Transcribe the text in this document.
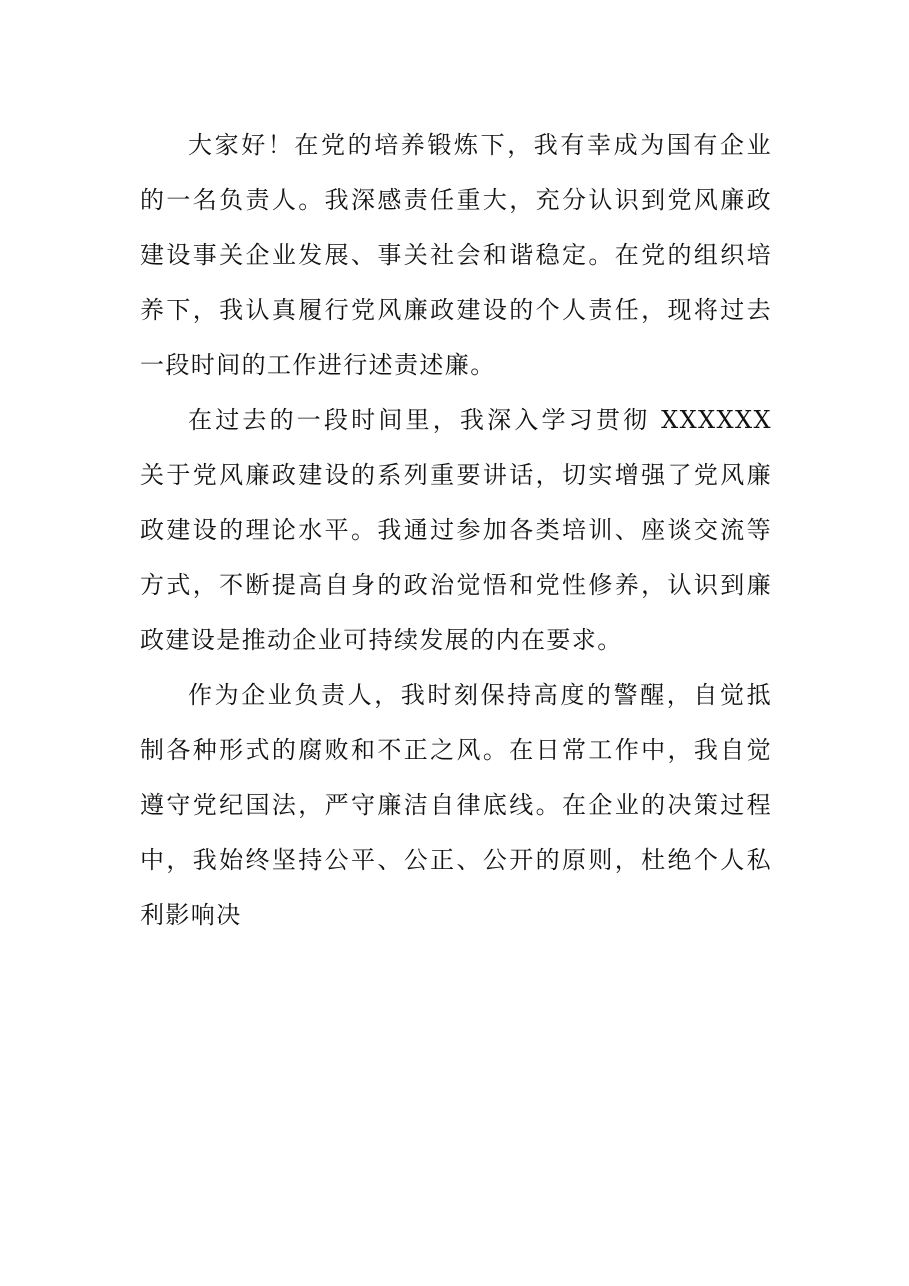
大家好！在党的培养锻炼下，我有幸成为国有企业的一名负责人。我深感责任重大，充分认识到党风廉政建设事关企业发展、事关社会和谐稳定。在党的组织培养下，我认真履行党风廉政建设的个人责任，现将过去一段时间的工作进行述责述廉。

在过去的一段时间里，我深入学习贯彻 XXXXXX 关于党风廉政建设的系列重要讲话，切实增强了党风廉政建设的理论水平。我通过参加各类培训、座谈交流等方式，不断提高自身的政治觉悟和党性修养，认识到廉政建设是推动企业可持续发展的内在要求。

作为企业负责人，我时刻保持高度的警醒，自觉抵制各种形式的腐败和不正之风。在日常工作中，我自觉遵守党纪国法，严守廉洁自律底线。在企业的决策过程中，我始终坚持公平、公正、公开的原则，杜绝个人私利影响决
